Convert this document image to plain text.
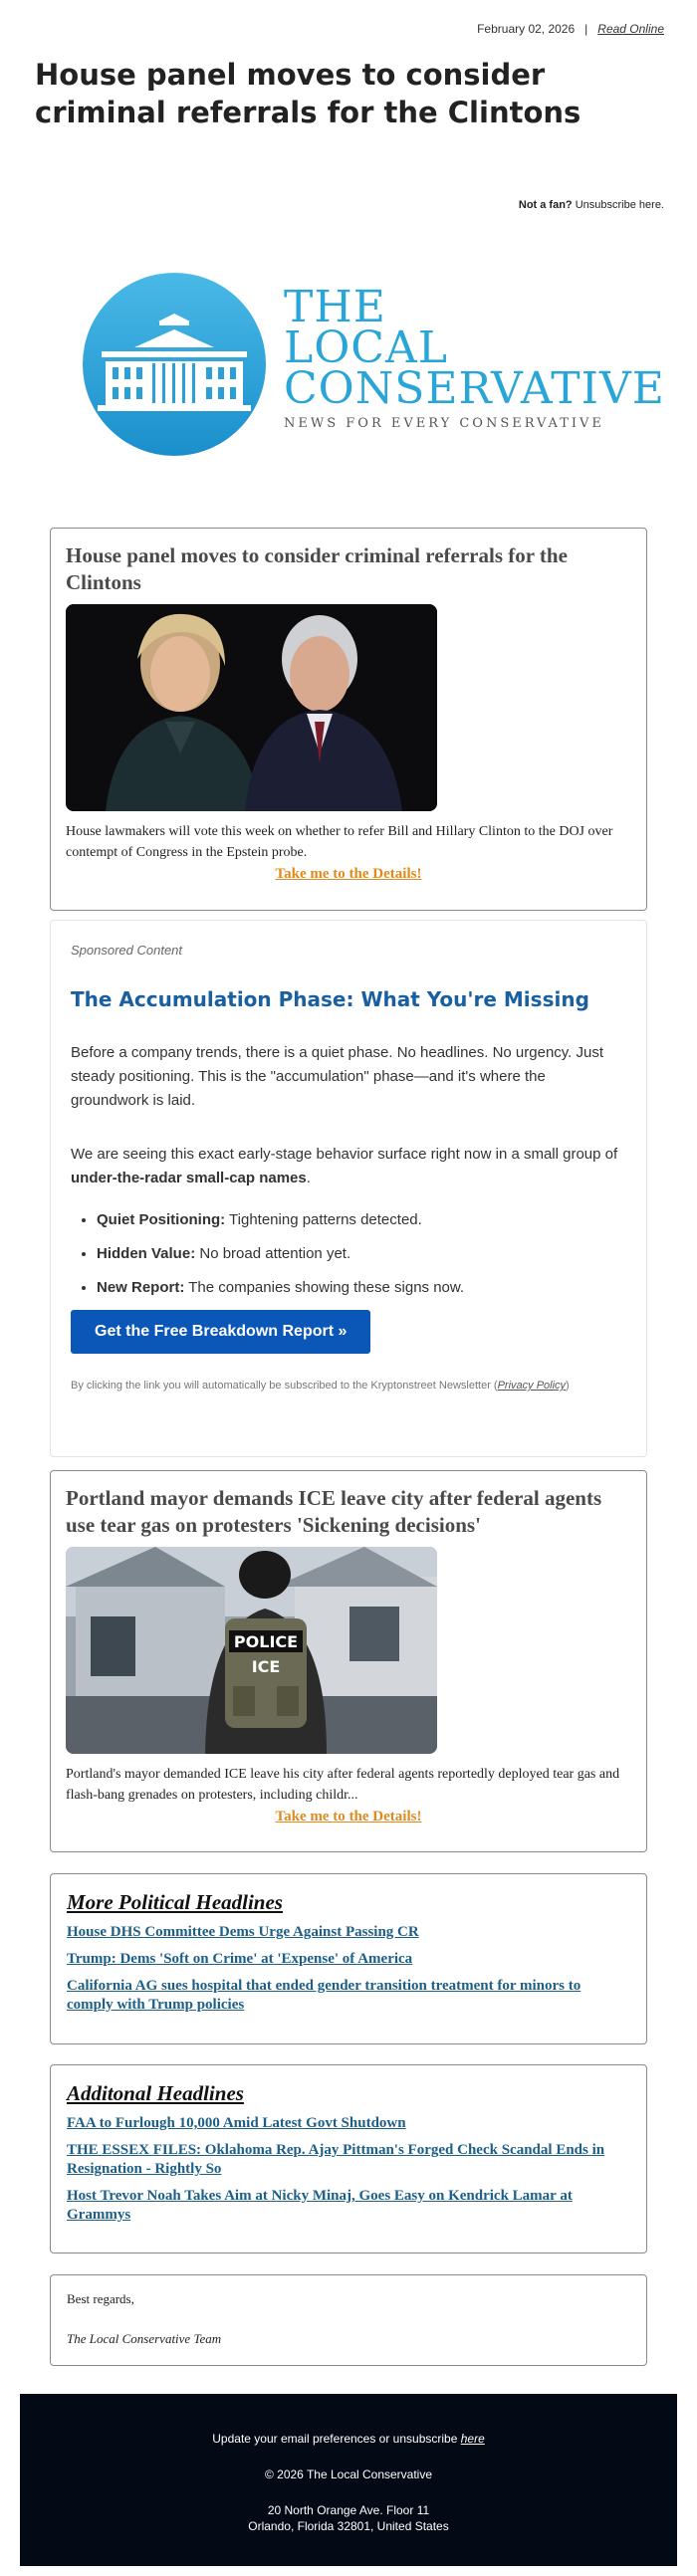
February 02, 2026 | Read Online
House panel moves to consider criminal referrals for the Clintons
Not a fan? Unsubscribe here.
THE
LOCAL
CONSERVATIVE
NEWS FOR EVERY CONSERVATIVE
House panel moves to consider criminal referrals for the Clintons

House lawmakers will vote this week on whether to refer Bill and Hillary Clinton to the DOJ over contempt of Congress in the Epstein probe.

Take me to the Details!
Sponsored Content
The Accumulation Phase: What You're Missing

Before a company trends, there is a quiet phase. No headlines. No urgency. Just steady positioning. This is the "accumulation" phase—and it's where the groundwork is laid.

We are seeing this exact early-stage behavior surface right now in a small group of under-the-radar small-cap names.

• Quiet Positioning: Tightening patterns detected.
• Hidden Value: No broad attention yet.
• New Report: The companies showing these signs now.
Get the Free Breakdown Report »
By clicking the link you will automatically be subscribed to the Kryptonstreet Newsletter (Privacy Policy)
Portland mayor demands ICE leave city after federal agents use tear gas on protesters 'Sickening decisions'
POLICE
ICE

Portland's mayor demanded ICE leave his city after federal agents reportedly deployed tear gas and flash-bang grenades on protesters, including childr...

Take me to the Details!
More Political Headlines
House DHS Committee Dems Urge Against Passing CR
Trump: Dems 'Soft on Crime' at 'Expense' of America
California AG sues hospital that ended gender transition treatment for minors to comply with Trump policies
Additonal Headlines
FAA to Furlough 10,000 Amid Latest Govt Shutdown
THE ESSEX FILES: Oklahoma Rep. Ajay Pittman's Forged Check Scandal Ends in Resignation - Rightly So
Host Trevor Noah Takes Aim at Nicky Minaj, Goes Easy on Kendrick Lamar at Grammys
Best regards,
The Local Conservative Team
Update your email preferences or unsubscribe here
© 2026 The Local Conservative
20 North Orange Ave. Floor 11
Orlando, Florida 32801, United States
